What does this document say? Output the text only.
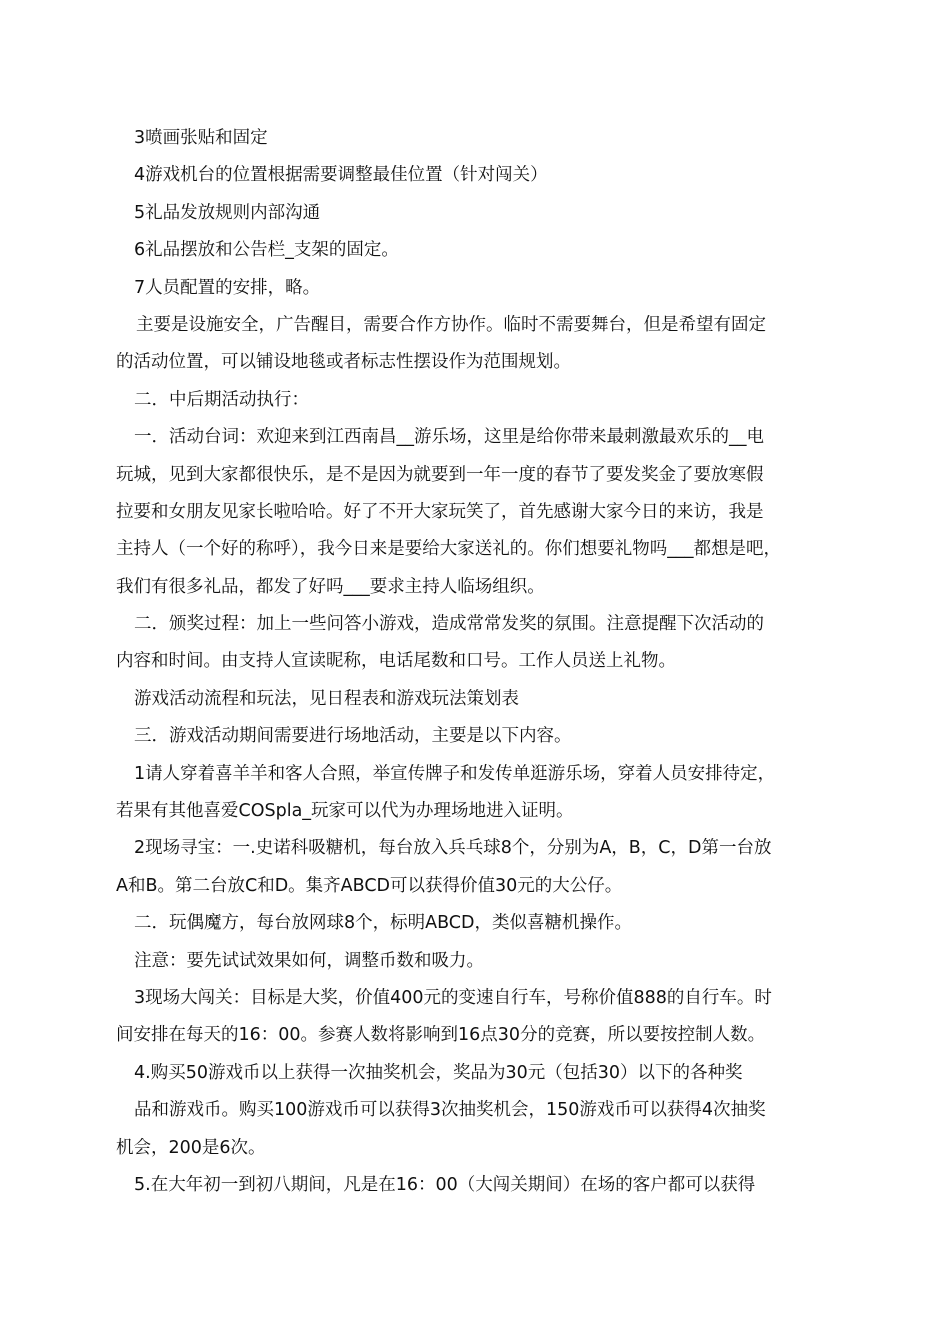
3喷画张贴和固定
4游戏机台的位置根据需要调整最佳位置（针对闯关）
5礼品发放规则内部沟通
6礼品摆放和公告栏_支架的固定。
7人员配置的安排，略。
主要是设施安全，广告醒目，需要合作方协作。临时不需要舞台，但是希望有固定
的活动位置，可以铺设地毯或者标志性摆设作为范围规划。
二．中后期活动执行：
一．活动台词：欢迎来到江西南昌__游乐场，这里是给你带来最刺激最欢乐的__电
玩城，见到大家都很快乐，是不是因为就要到一年一度的春节了要发奖金了要放寒假
拉要和女朋友见家长啦哈哈。好了不开大家玩笑了，首先感谢大家今日的来访，我是
主持人（一个好的称呼），我今日来是要给大家送礼的。你们想要礼物吗___都想是吧，
我们有很多礼品，都发了好吗___要求主持人临场组织。
二．颁奖过程：加上一些问答小游戏，造成常常发奖的氛围。注意提醒下次活动的
内容和时间。由支持人宣读昵称，电话尾数和口号。工作人员送上礼物。
游戏活动流程和玩法，见日程表和游戏玩法策划表
三．游戏活动期间需要进行场地活动，主要是以下内容。
1请人穿着喜羊羊和客人合照，举宣传牌子和发传单逛游乐场，穿着人员安排待定，
若果有其他喜爱COSpla_玩家可以代为办理场地进入证明。
2现场寻宝：一.史诺科吸糖机，每台放入兵乓球8个，分别为A，B，C，D第一台放
A和B。第二台放C和D。集齐ABCD可以获得价值30元的大公仔。
二．玩偶魔方，每台放网球8个，标明ABCD，类似喜糖机操作。
注意：要先试试效果如何，调整币数和吸力。
3现场大闯关：目标是大奖，价值400元的变速自行车，号称价值888的自行车。时
间安排在每天的16：00。参赛人数将影响到16点30分的竞赛，所以要按控制人数。
4.购买50游戏币以上获得一次抽奖机会，奖品为30元（包括30）以下的各种奖
品和游戏币。购买100游戏币可以获得3次抽奖机会，150游戏币可以获得4次抽奖
机会，200是6次。
5.在大年初一到初八期间，凡是在16：00（大闯关期间）在场的客户都可以获得
